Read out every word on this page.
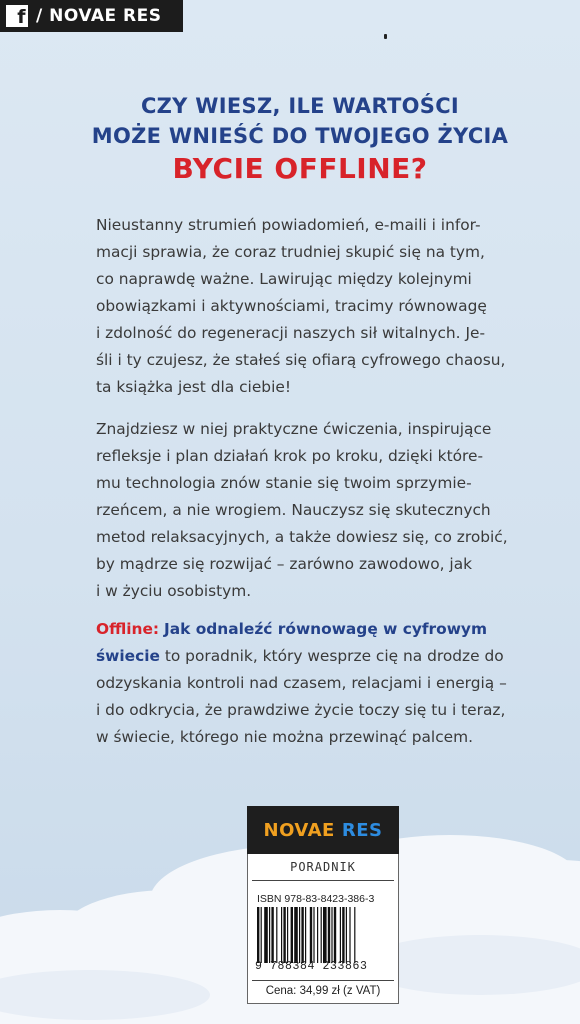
f / NOVAE RES
CZY WIESZ, ILE WARTOŚCI
MOŻE WNIEŚĆ DO TWOJEGO ŻYCIA
BYCIE OFFLINE?
Nieustanny strumień powiadomień, e-maili i infor-
macji sprawia, że coraz trudniej skupić się na tym,
co naprawdę ważne. Lawirując między kolejnymi
obowiązkami i aktywnościami, tracimy równowagę
i zdolność do regeneracji naszych sił witalnych. Je-
śli i ty czujesz, że stałeś się ofiarą cyfrowego chaosu,
ta książka jest dla ciebie!
Znajdziesz w niej praktyczne ćwiczenia, inspirujące
refleksje i plan działań krok po kroku, dzięki które-
mu technologia znów stanie się twoim sprzymie-
rzeńcem, a nie wrogiem. Nauczysz się skutecznych
metod relaksacyjnych, a także dowiesz się, co zrobić,
by mądrze się rozwijać – zarówno zawodowo, jak
i w życiu osobistym.
Offline: Jak odnaleźć równowagę w cyfrowym
świecie to poradnik, który wesprze cię na drodze do
odzyskania kontroli nad czasem, relacjami i energią –
i do odkrycia, że prawdziwe życie toczy się tu i teraz,
w świecie, którego nie można przewinąć palcem.
NOVAE RES
PORADNIK
ISBN 978-83-8423-386-3
9 788384 233863
Cena: 34,99 zł (z VAT)
